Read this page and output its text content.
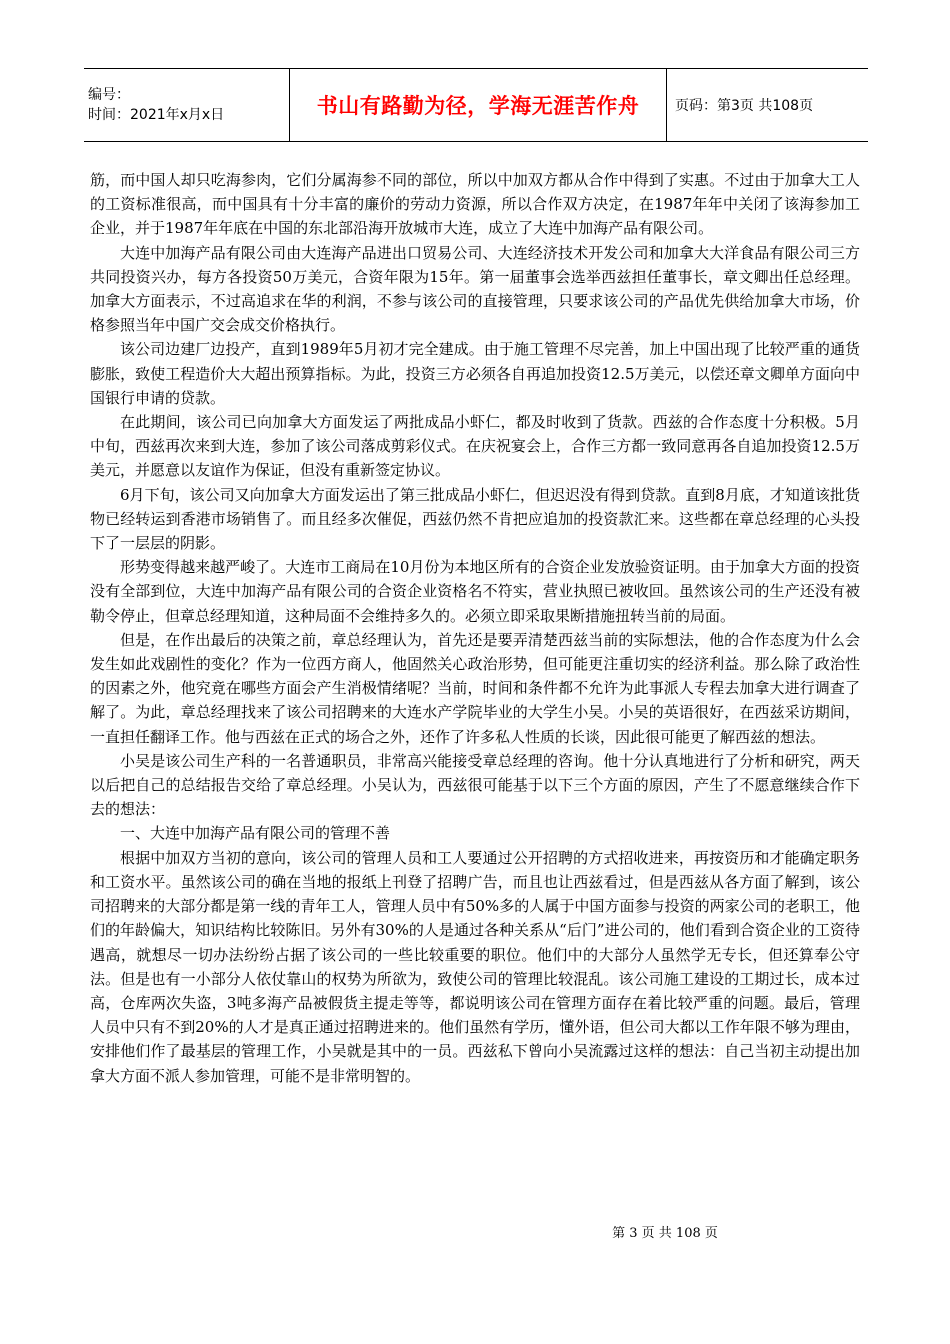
编号：
时间：2021年x月x日	书山有路勤为径，学海无涯苦作舟	页码：第3页 共108页

筋，而中国人却只吃海参肉，它们分属海参不同的部位，所以中加双方都从合作中得到了实惠。不过由于加拿大工人的工资标准很高，而中国具有十分丰富的廉价的劳动力资源，所以合作双方决定，在1987年年中关闭了该海参加工企业，并于1987年年底在中国的东北部沿海开放城市大连，成立了大连中加海产品有限公司。

大连中加海产品有限公司由大连海产品进出口贸易公司、大连经济技术开发公司和加拿大大洋食品有限公司三方共同投资兴办，每方各投资50万美元，合资年限为15年。第一届董事会选举西兹担任董事长，章文卿出任总经理。加拿大方面表示，不过高追求在华的利润，不参与该公司的直接管理，只要求该公司的产品优先供给加拿大市场，价格参照当年中国广交会成交价格执行。

该公司边建厂边投产，直到1989年5月初才完全建成。由于施工管理不尽完善，加上中国出现了比较严重的通货膨胀，致使工程造价大大超出预算指标。为此，投资三方必须各自再追加投资12.5万美元，以偿还章文卿单方面向中国银行申请的贷款。

在此期间，该公司已向加拿大方面发运了两批成品小虾仁，都及时收到了货款。西兹的合作态度十分积极。5月中旬，西兹再次来到大连，参加了该公司落成剪彩仪式。在庆祝宴会上，合作三方都一致同意再各自追加投资12.5万美元，并愿意以友谊作为保证，但没有重新签定协议。

6月下旬，该公司又向加拿大方面发运出了第三批成品小虾仁，但迟迟没有得到贷款。直到8月底，才知道该批货物已经转运到香港市场销售了。而且经多次催促，西兹仍然不肯把应追加的投资款汇来。这些都在章总经理的心头投下了一层层的阴影。

形势变得越来越严峻了。大连市工商局在10月份为本地区所有的合资企业发放验资证明。由于加拿大方面的投资没有全部到位，大连中加海产品有限公司的合资企业资格名不符实，营业执照已被收回。虽然该公司的生产还没有被勒令停止，但章总经理知道，这种局面不会维持多久的。必须立即采取果断措施扭转当前的局面。

但是，在作出最后的决策之前，章总经理认为，首先还是要弄清楚西兹当前的实际想法，他的合作态度为什么会发生如此戏剧性的变化？作为一位西方商人，他固然关心政治形势，但可能更注重切实的经济利益。那么除了政治性的因素之外，他究竟在哪些方面会产生消极情绪呢？当前，时间和条件都不允许为此事派人专程去加拿大进行调查了解了。为此，章总经理找来了该公司招聘来的大连水产学院毕业的大学生小吴。小吴的英语很好，在西兹采访期间，一直担任翻译工作。他与西兹在正式的场合之外，还作了许多私人性质的长谈，因此很可能更了解西兹的想法。

小吴是该公司生产科的一名普通职员，非常高兴能接受章总经理的咨询。他十分认真地进行了分析和研究，两天以后把自己的总结报告交给了章总经理。小吴认为，西兹很可能基于以下三个方面的原因，产生了不愿意继续合作下去的想法：

一、大连中加海产品有限公司的管理不善

根据中加双方当初的意向，该公司的管理人员和工人要通过公开招聘的方式招收进来，再按资历和才能确定职务和工资水平。虽然该公司的确在当地的报纸上刊登了招聘广告，而且也让西兹看过，但是西兹从各方面了解到，该公司招聘来的大部分都是第一线的青年工人，管理人员中有50%多的人属于中国方面参与投资的两家公司的老职工，他们的年龄偏大，知识结构比较陈旧。另外有30%的人是通过各种关系从“后门”进公司的，他们看到合资企业的工资待遇高，就想尽一切办法纷纷占据了该公司的一些比较重要的职位。他们中的大部分人虽然学无专长，但还算奉公守法。但是也有一小部分人依仗靠山的权势为所欲为，致使公司的管理比较混乱。该公司施工建设的工期过长，成本过高，仓库两次失盗，3吨多海产品被假货主提走等等，都说明该公司在管理方面存在着比较严重的问题。最后，管理人员中只有不到20%的人才是真正通过招聘进来的。他们虽然有学历，懂外语，但公司大都以工作年限不够为理由，安排他们作了最基层的管理工作，小吴就是其中的一员。西兹私下曾向小吴流露过这样的想法：自己当初主动提出加拿大方面不派人参加管理，可能不是非常明智的。

第 3 页 共 108 页
